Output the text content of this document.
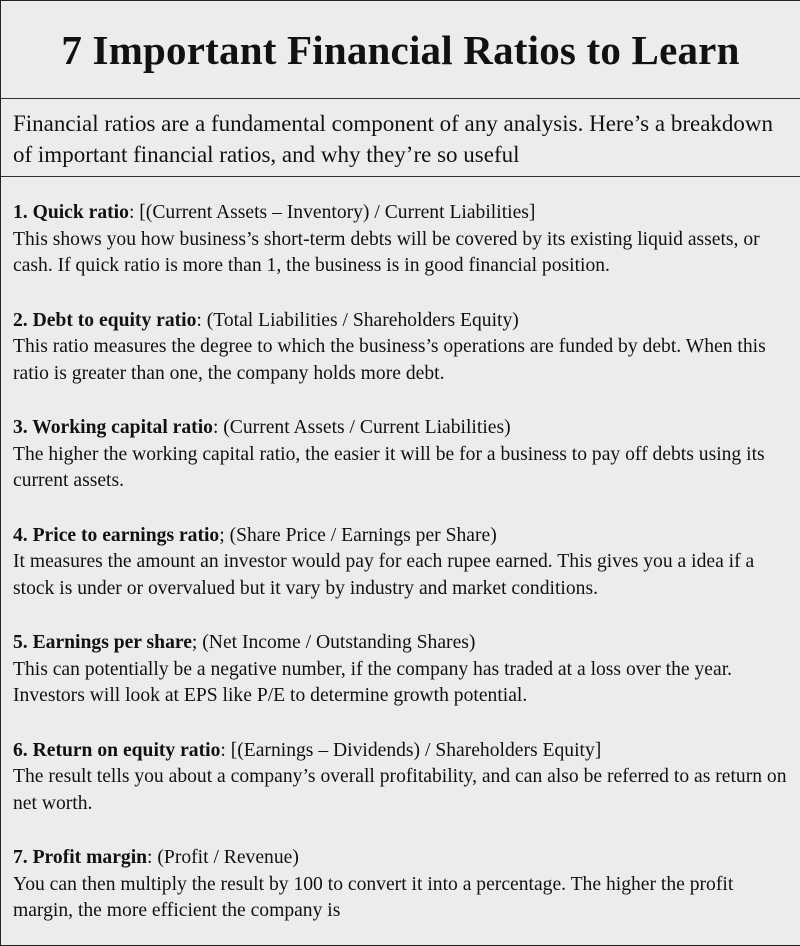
7 Important Financial Ratios to Learn

Financial ratios are a fundamental component of any analysis. Here’s a breakdown of important financial ratios, and why they’re so useful

1. Quick ratio: [(Current Assets – Inventory) / Current Liabilities]

This shows you how business’s short-term debts will be covered by its existing liquid assets, or cash. If quick ratio is more than 1, the business is in good financial position.

2. Debt to equity ratio: (Total Liabilities / Shareholders Equity)

This ratio measures the degree to which the business’s operations are funded by debt. When this ratio is greater than one, the company holds more debt.

3. Working capital ratio: (Current Assets / Current Liabilities)

The higher the working capital ratio, the easier it will be for a business to pay off debts using its current assets.

4. Price to earnings ratio; (Share Price / Earnings per Share)

It measures the amount an investor would pay for each rupee earned. This gives you a idea if a stock is under or overvalued but it vary by industry and market conditions.

5. Earnings per share; (Net Income / Outstanding Shares)

This can potentially be a negative number, if the company has traded at a loss over the year. Investors will look at EPS like P/E to determine growth potential.

6. Return on equity ratio: [(Earnings – Dividends) / Shareholders Equity]

The result tells you about a company’s overall profitability, and can also be referred to as return on net worth.

7. Profit margin: (Profit / Revenue)

You can then multiply the result by 100 to convert it into a percentage. The higher the profit margin, the more efficient the company is
